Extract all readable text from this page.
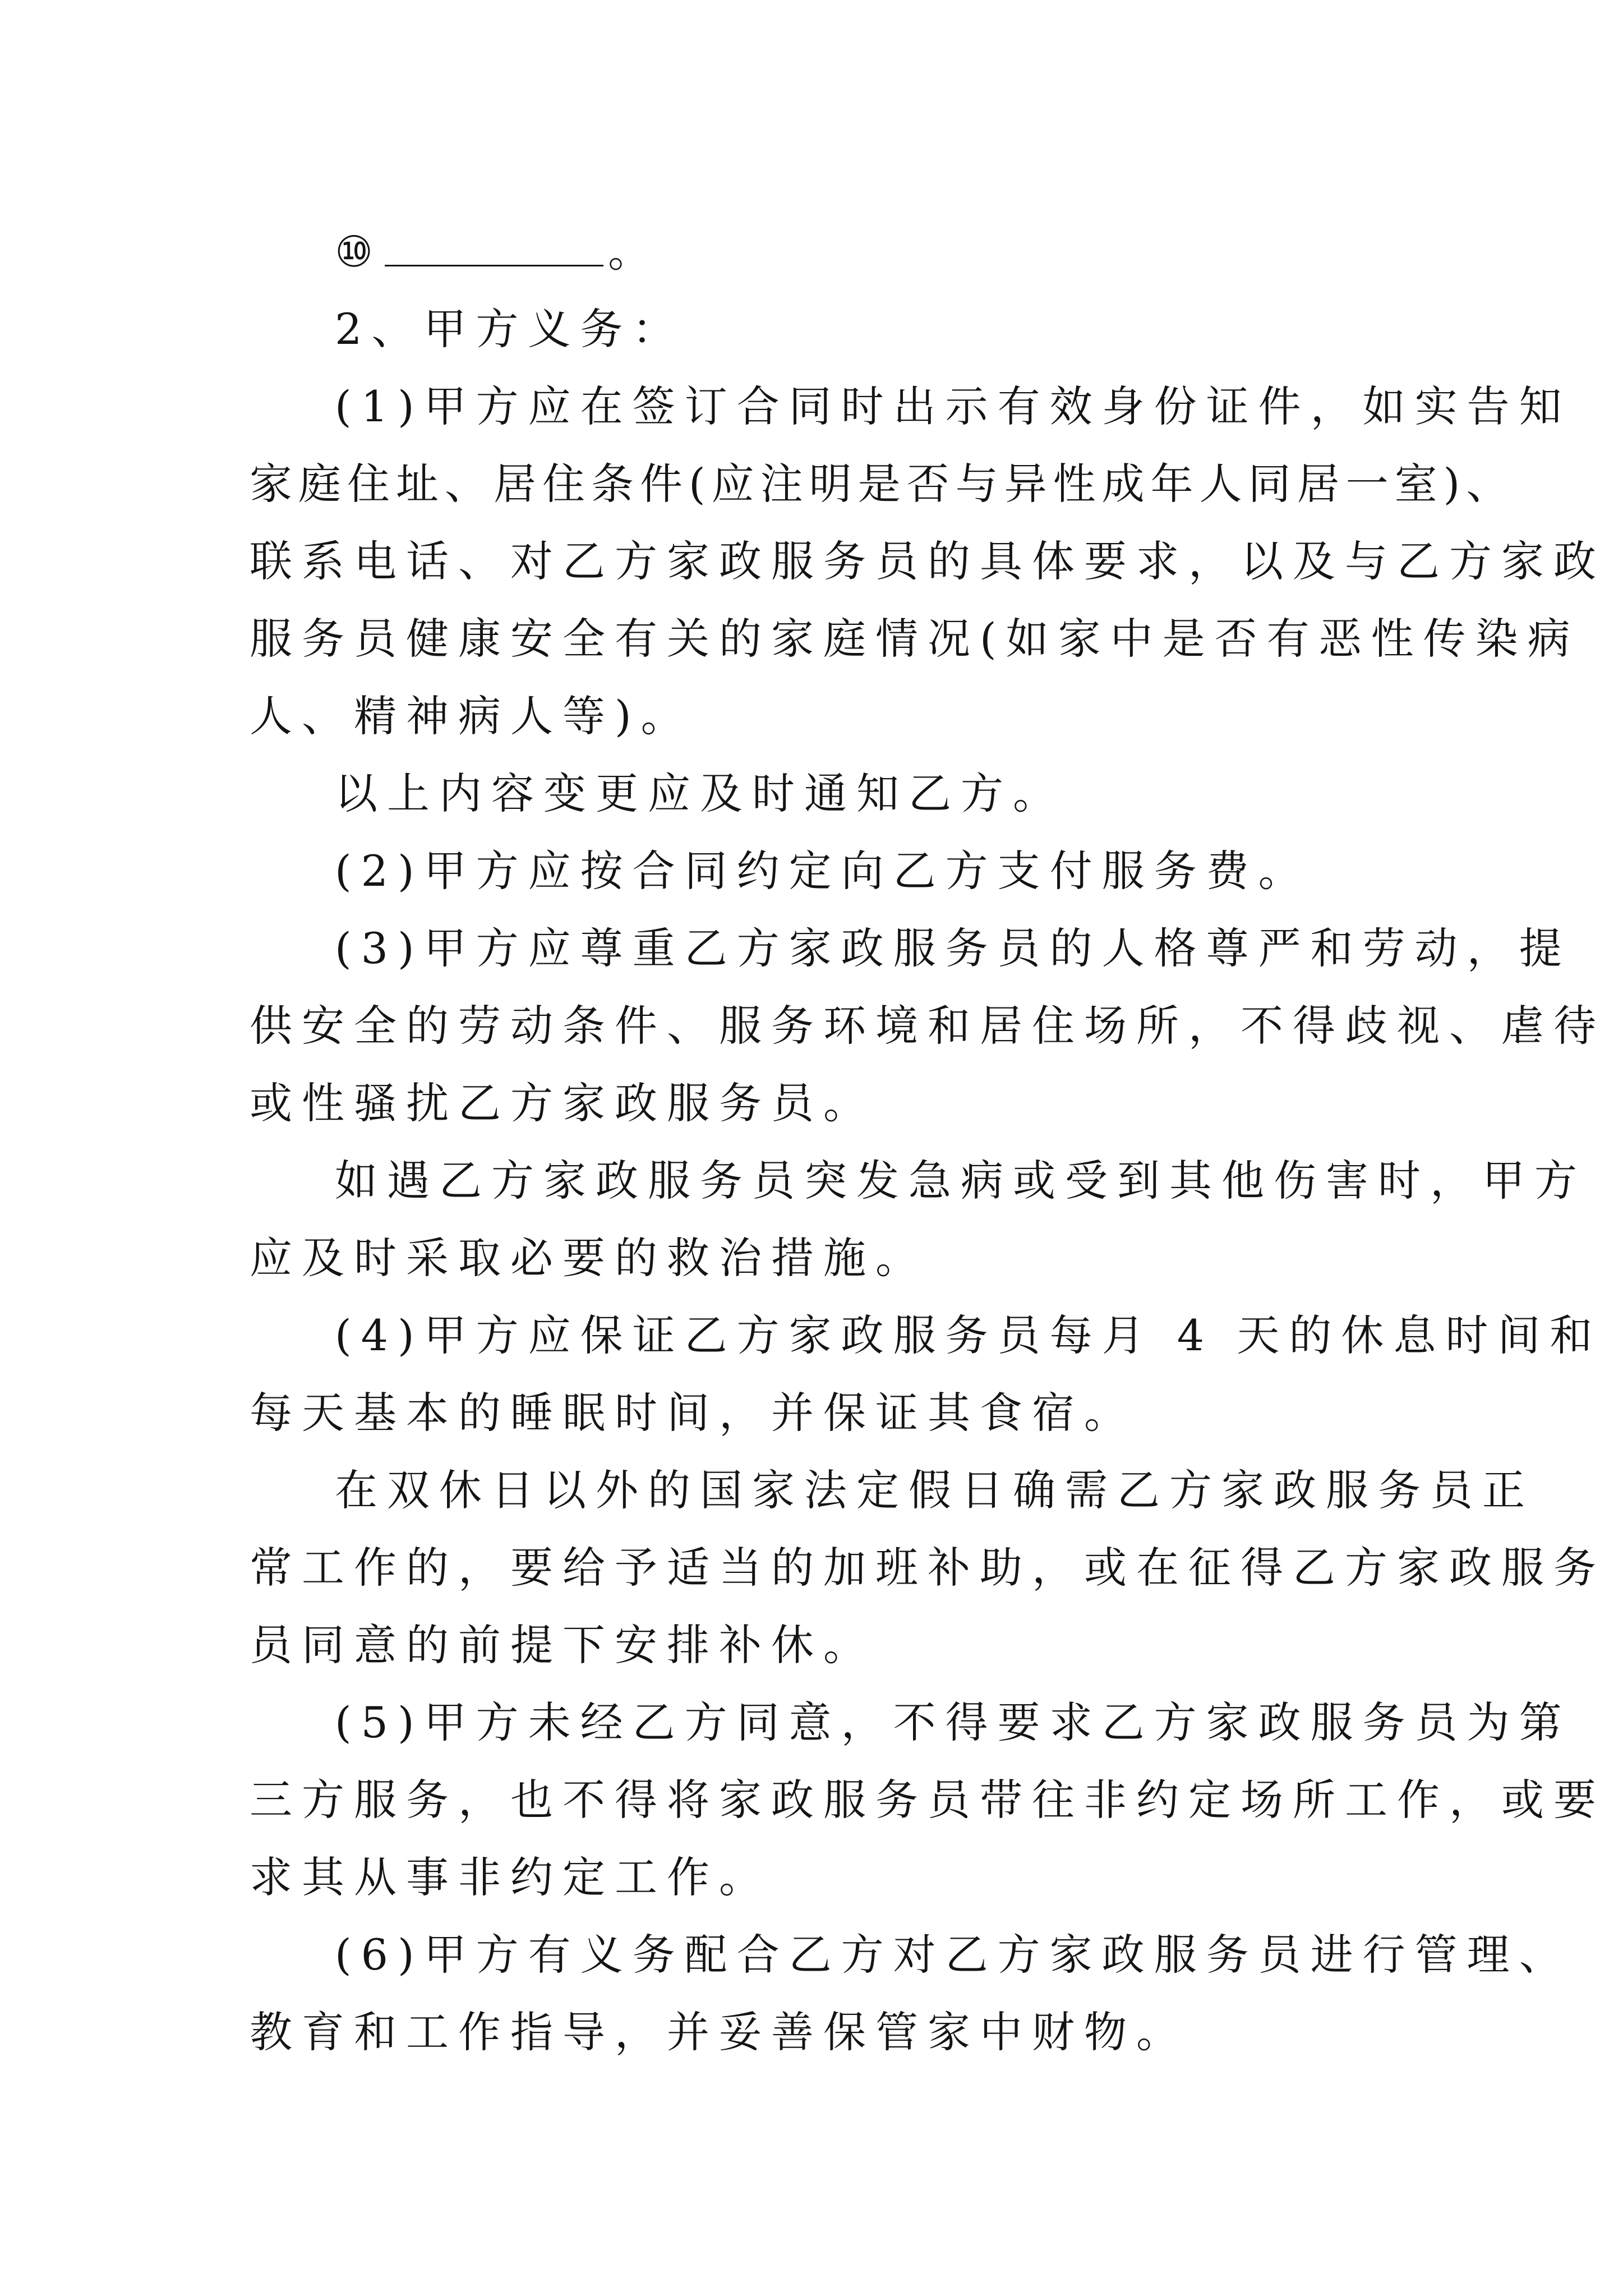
⑩	。
2、甲方义务：
(1)甲方应在签订合同时出示有效身份证件，如实告知
家庭住址、居住条件(应注明是否与异性成年人同居一室)、
联系电话、对乙方家政服务员的具体要求，以及与乙方家政
服务员健康安全有关的家庭情况(如家中是否有恶性传染病
人、精神病人等)。
以上内容变更应及时通知乙方。
(2)甲方应按合同约定向乙方支付服务费。
(3)甲方应尊重乙方家政服务员的人格尊严和劳动，提
供安全的劳动条件、服务环境和居住场所，不得歧视、虐待
或性骚扰乙方家政服务员。
如遇乙方家政服务员突发急病或受到其他伤害时，甲方
应及时采取必要的救治措施。
(4)甲方应保证乙方家政服务员每月 4 天的休息时间和
每天基本的睡眠时间，并保证其食宿。
在双休日以外的国家法定假日确需乙方家政服务员正
常工作的，要给予适当的加班补助，或在征得乙方家政服务
员同意的前提下安排补休。
(5)甲方未经乙方同意，不得要求乙方家政服务员为第
三方服务，也不得将家政服务员带往非约定场所工作，或要
求其从事非约定工作。
(6)甲方有义务配合乙方对乙方家政服务员进行管理、
教育和工作指导，并妥善保管家中财物。
